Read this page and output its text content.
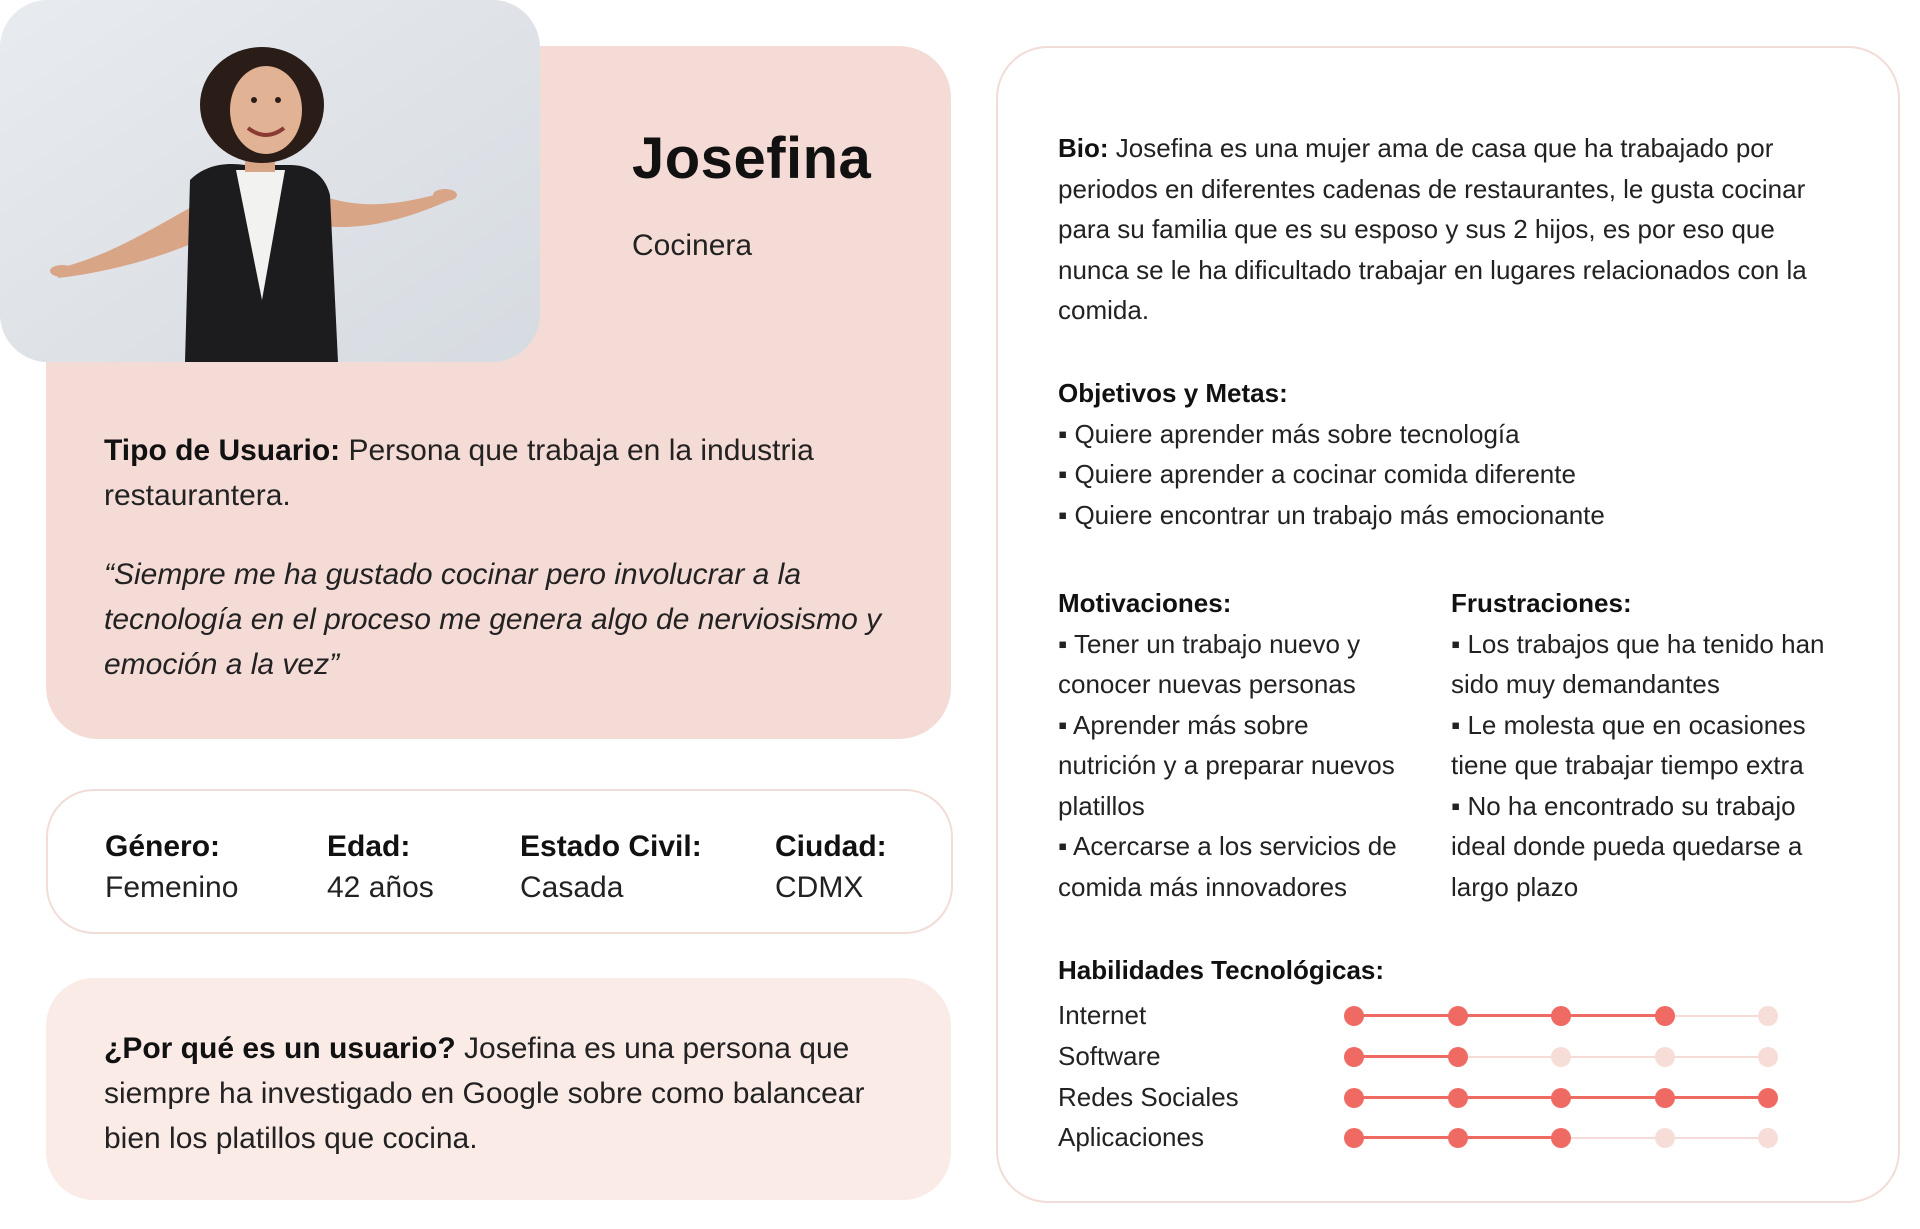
Josefina
Cocinera
Tipo de Usuario: Persona que trabaja en la industria restaurantera.
“Siempre me ha gustado cocinar pero involucrar a la tecnología en el proceso me genera algo de nerviosismo y emoción a la vez”
Género:
Femenino
Edad:
42 años
Estado Civil:
Casada
Ciudad:
CDMX
¿Por qué es un usuario? Josefina es una persona que siempre ha investigado en Google sobre como balancear bien los platillos que cocina.
Bio: Josefina es una mujer ama de casa que ha trabajado por periodos en diferentes cadenas de restaurantes, le gusta cocinar para su familia que es su esposo y sus 2 hijos, es por eso que nunca se le ha dificultado trabajar en lugares relacionados con la comida.
Objetivos y Metas:
▪ Quiere aprender más sobre tecnología
▪ Quiere aprender a cocinar comida diferente
▪ Quiere encontrar un trabajo más emocionante
Motivaciones:
▪ Tener un trabajo nuevo y conocer nuevas personas
▪ Aprender más sobre nutrición y a preparar nuevos platillos
▪ Acercarse a los servicios de comida más innovadores
Frustraciones:
▪ Los trabajos que ha tenido han sido muy demandantes
▪ Le molesta que en ocasiones tiene que trabajar tiempo extra
▪ No ha encontrado su trabajo ideal donde pueda quedarse a largo plazo
Habilidades Tecnológicas:
Internet
Software
Redes Sociales
Aplicaciones
